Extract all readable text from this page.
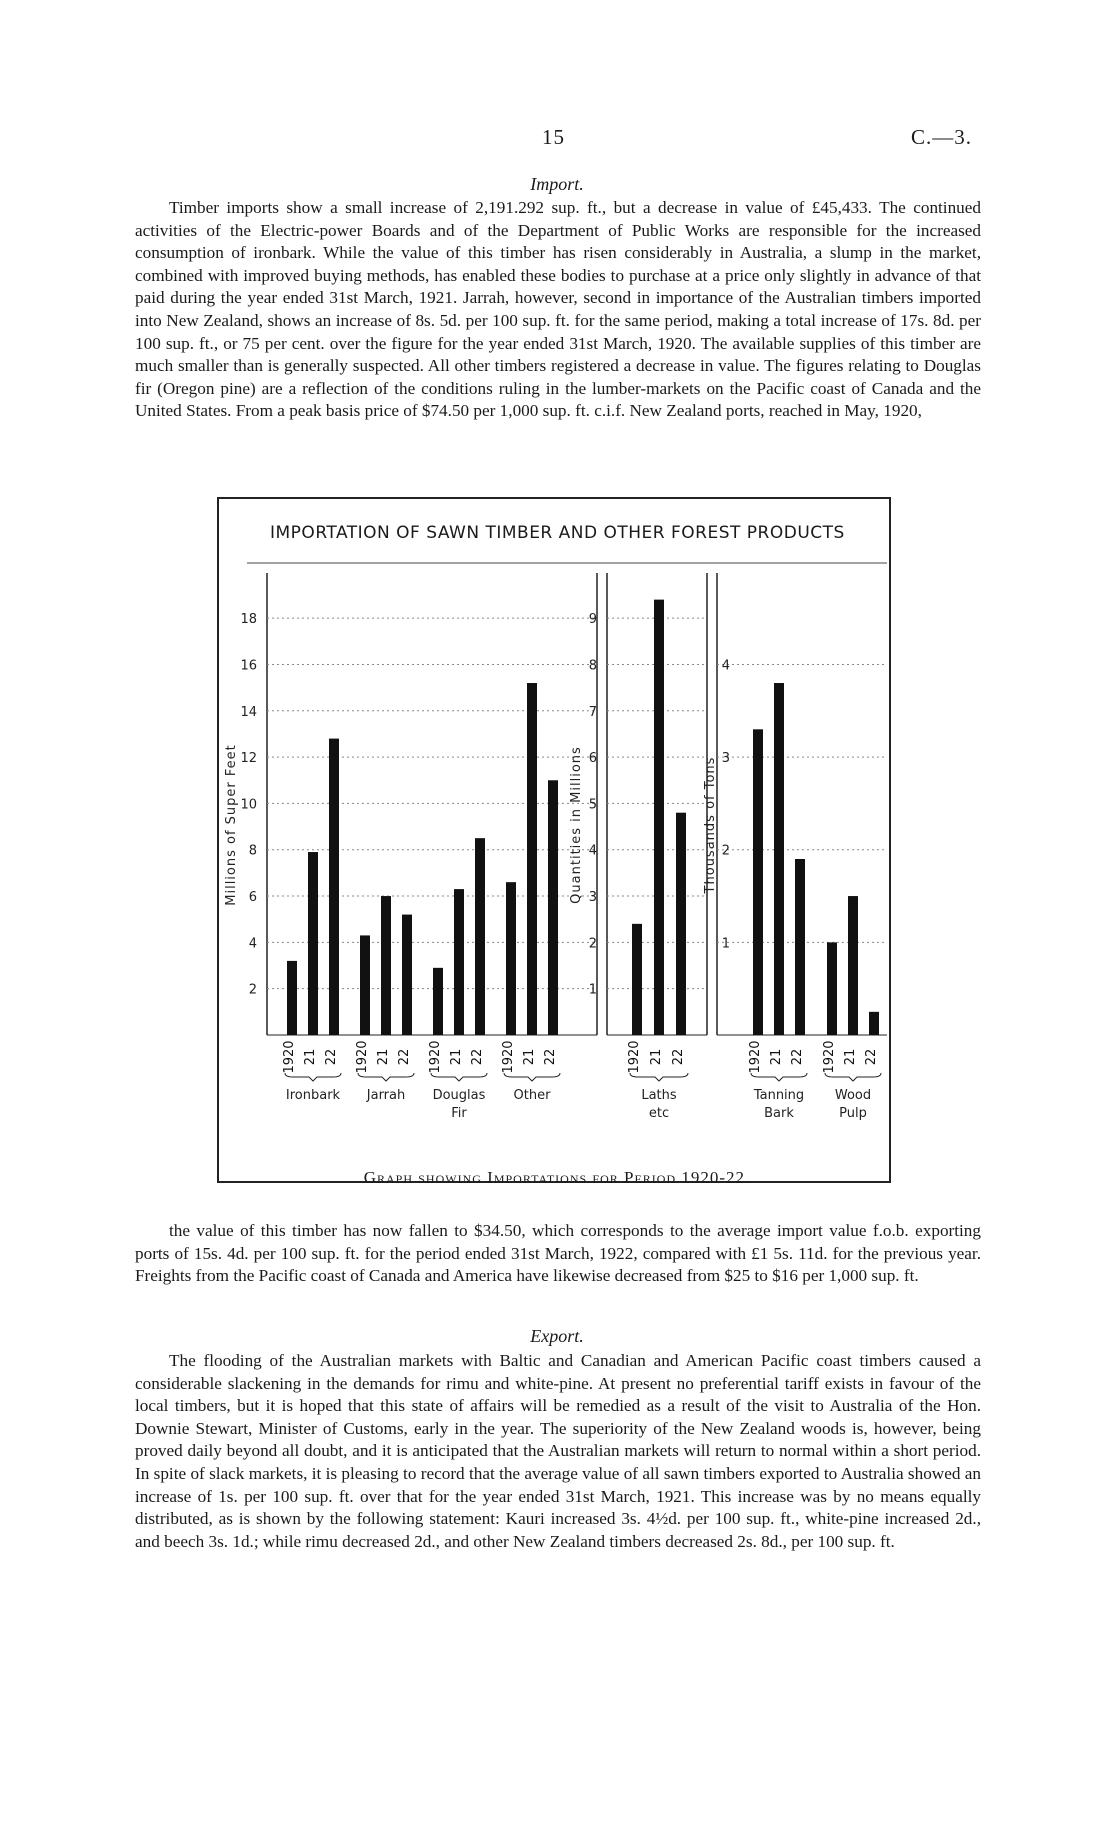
15	C.—3.
Import.

Timber imports show a small increase of 2,191.292 sup. ft., but a decrease in value of £45,433. The continued activities of the Electric-power Boards and of the Department of Public Works are responsible for the increased consumption of ironbark. While the value of this timber has risen considerably in Australia, a slump in the market, combined with improved buying methods, has enabled these bodies to purchase at a price only slightly in advance of that paid during the year ended 31st March, 1921. Jarrah, however, second in importance of the Australian timbers imported into New Zealand, shows an increase of 8s. 5d. per 100 sup. ft. for the same period, making a total increase of 17s. 8d. per 100 sup. ft., or 75 per cent. over the figure for the year ended 31st March, 1920. The available supplies of this timber are much smaller than is generally suspected. All other timbers registered a decrease in value. The figures relating to Douglas fir (Oregon pine) are a reflection of the conditions ruling in the lumber-markets on the Pacific coast of Canada and the United States. From a peak basis price of $74.50 per 1,000 sup. ft. c.i.f. New Zealand ports, reached in May, 1920,

IMPORTATION OF SAWN TIMBER AND OTHER FOREST PRODUCTS
2
4
6
8
10
12
14
16
18
Millions of Super Feet
1920 21 22
Ironbark
1920 21 22
Jarrah
1920 21 22
Douglas
Fir
1920 21 22
Other
1
2
3
4
5
6
7
8
9
Quantities in Millions
1920 21 22
Laths
etc
1
2
3
4
Thousands of Tons
1920 21 22
Tanning
Bark
1920 21 22
Wood
Pulp
Graph showing Importations for Period 1920-22.

the value of this timber has now fallen to $34.50, which corresponds to the average import value f.o.b. exporting ports of 15s. 4d. per 100 sup. ft. for the period ended 31st March, 1922, compared with £1 5s. 11d. for the previous year. Freights from the Pacific coast of Canada and America have likewise decreased from $25 to $16 per 1,000 sup. ft.

Export.

The flooding of the Australian markets with Baltic and Canadian and American Pacific coast timbers caused a considerable slackening in the demands for rimu and white-pine. At present no preferential tariff exists in favour of the local timbers, but it is hoped that this state of affairs will be remedied as a result of the visit to Australia of the Hon. Downie Stewart, Minister of Customs, early in the year. The superiority of the New Zealand woods is, however, being proved daily beyond all doubt, and it is anticipated that the Australian markets will return to normal within a short period. In spite of slack markets, it is pleasing to record that the average value of all sawn timbers exported to Australia showed an increase of 1s. per 100 sup. ft. over that for the year ended 31st March, 1921. This increase was by no means equally distributed, as is shown by the following statement: Kauri increased 3s. 4½d. per 100 sup. ft., white-pine increased 2d., and beech 3s. 1d.; while rimu decreased 2d., and other New Zealand timbers decreased 2s. 8d., per 100 sup. ft.
